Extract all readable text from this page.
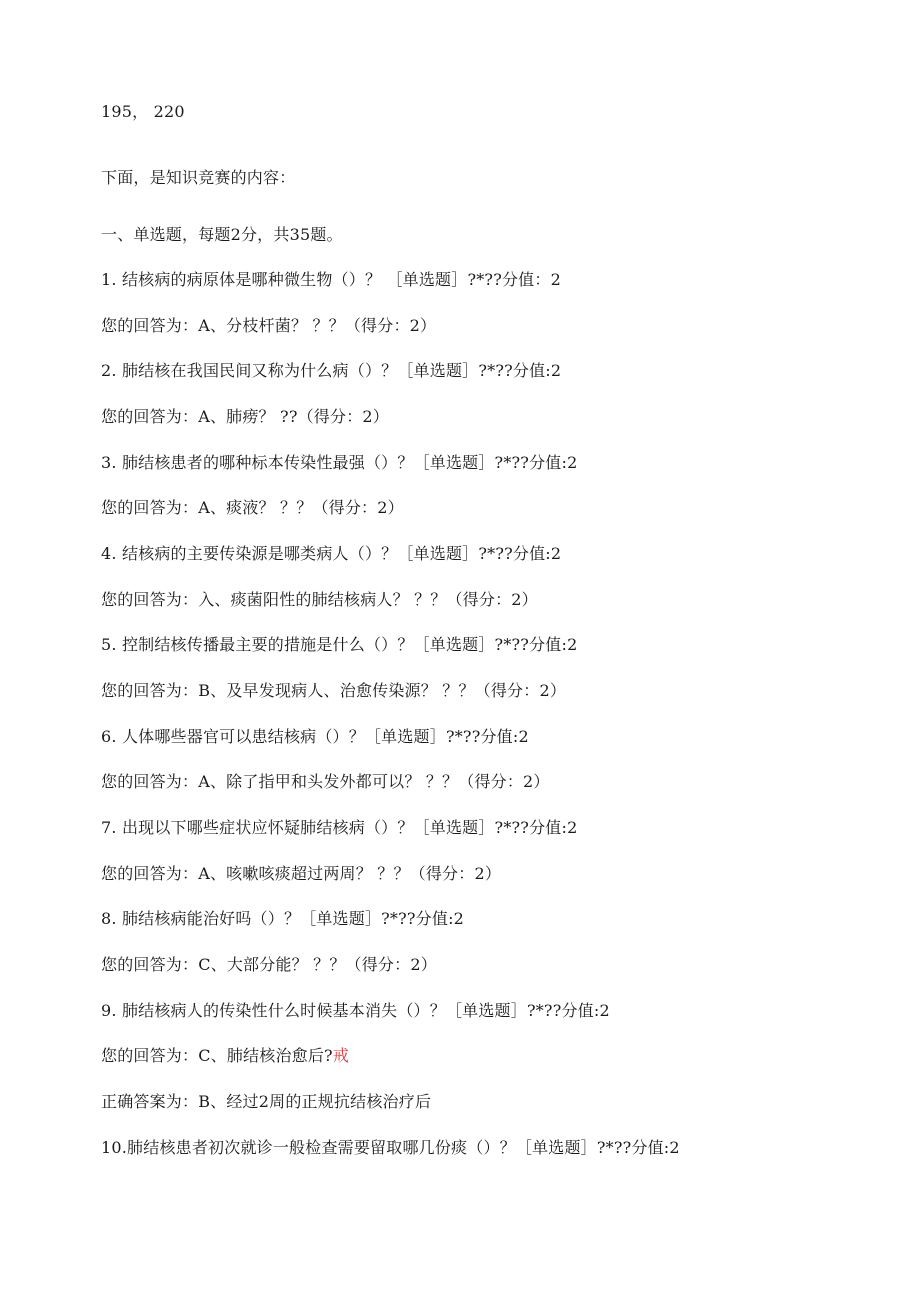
195， 220
下面，是知识竞赛的内容：
一、单选题，每题2分，共35题。
1. 结核病的病原体是哪种微生物（）？ ［单选题］?*??分值：2
您的回答为：A、分枝杆菌？ ？？（得分：2）
2. 肺结核在我国民间又称为什么病（）？［单选题］?*??分值:2
您的回答为：A、肺痨？ ??（得分：2）
3. 肺结核患者的哪种标本传染性最强（）？［单选题］?*??分值:2
您的回答为：A、痰液？ ？？（得分：2）
4. 结核病的主要传染源是哪类病人（）？［单选题］?*??分值:2
您的回答为：入、痰菌阳性的肺结核病人？ ？？（得分：2）
5. 控制结核传播最主要的措施是什么（）？［单选题］?*??分值:2
您的回答为：B、及早发现病人、治愈传染源？ ？？（得分：2）
6. 人体哪些器官可以患结核病（）？［单选题］?*??分值:2
您的回答为：A、除了指甲和头发外都可以？ ？？（得分：2）
7. 出现以下哪些症状应怀疑肺结核病（）？［单选题］?*??分值:2
您的回答为：A、咳嗽咳痰超过两周？ ？？（得分：2）
8. 肺结核病能治好吗（）？［单选题］?*??分值:2
您的回答为：C、大部分能？ ？？（得分：2）
9. 肺结核病人的传染性什么时候基本消失（）？［单选题］?*??分值:2
您的回答为：C、肺结核治愈后?戒
正确答案为：B、经过2周的正规抗结核治疗后
10.肺结核患者初次就诊一般检查需要留取哪几份痰（）？［单选题］?*??分值:2
